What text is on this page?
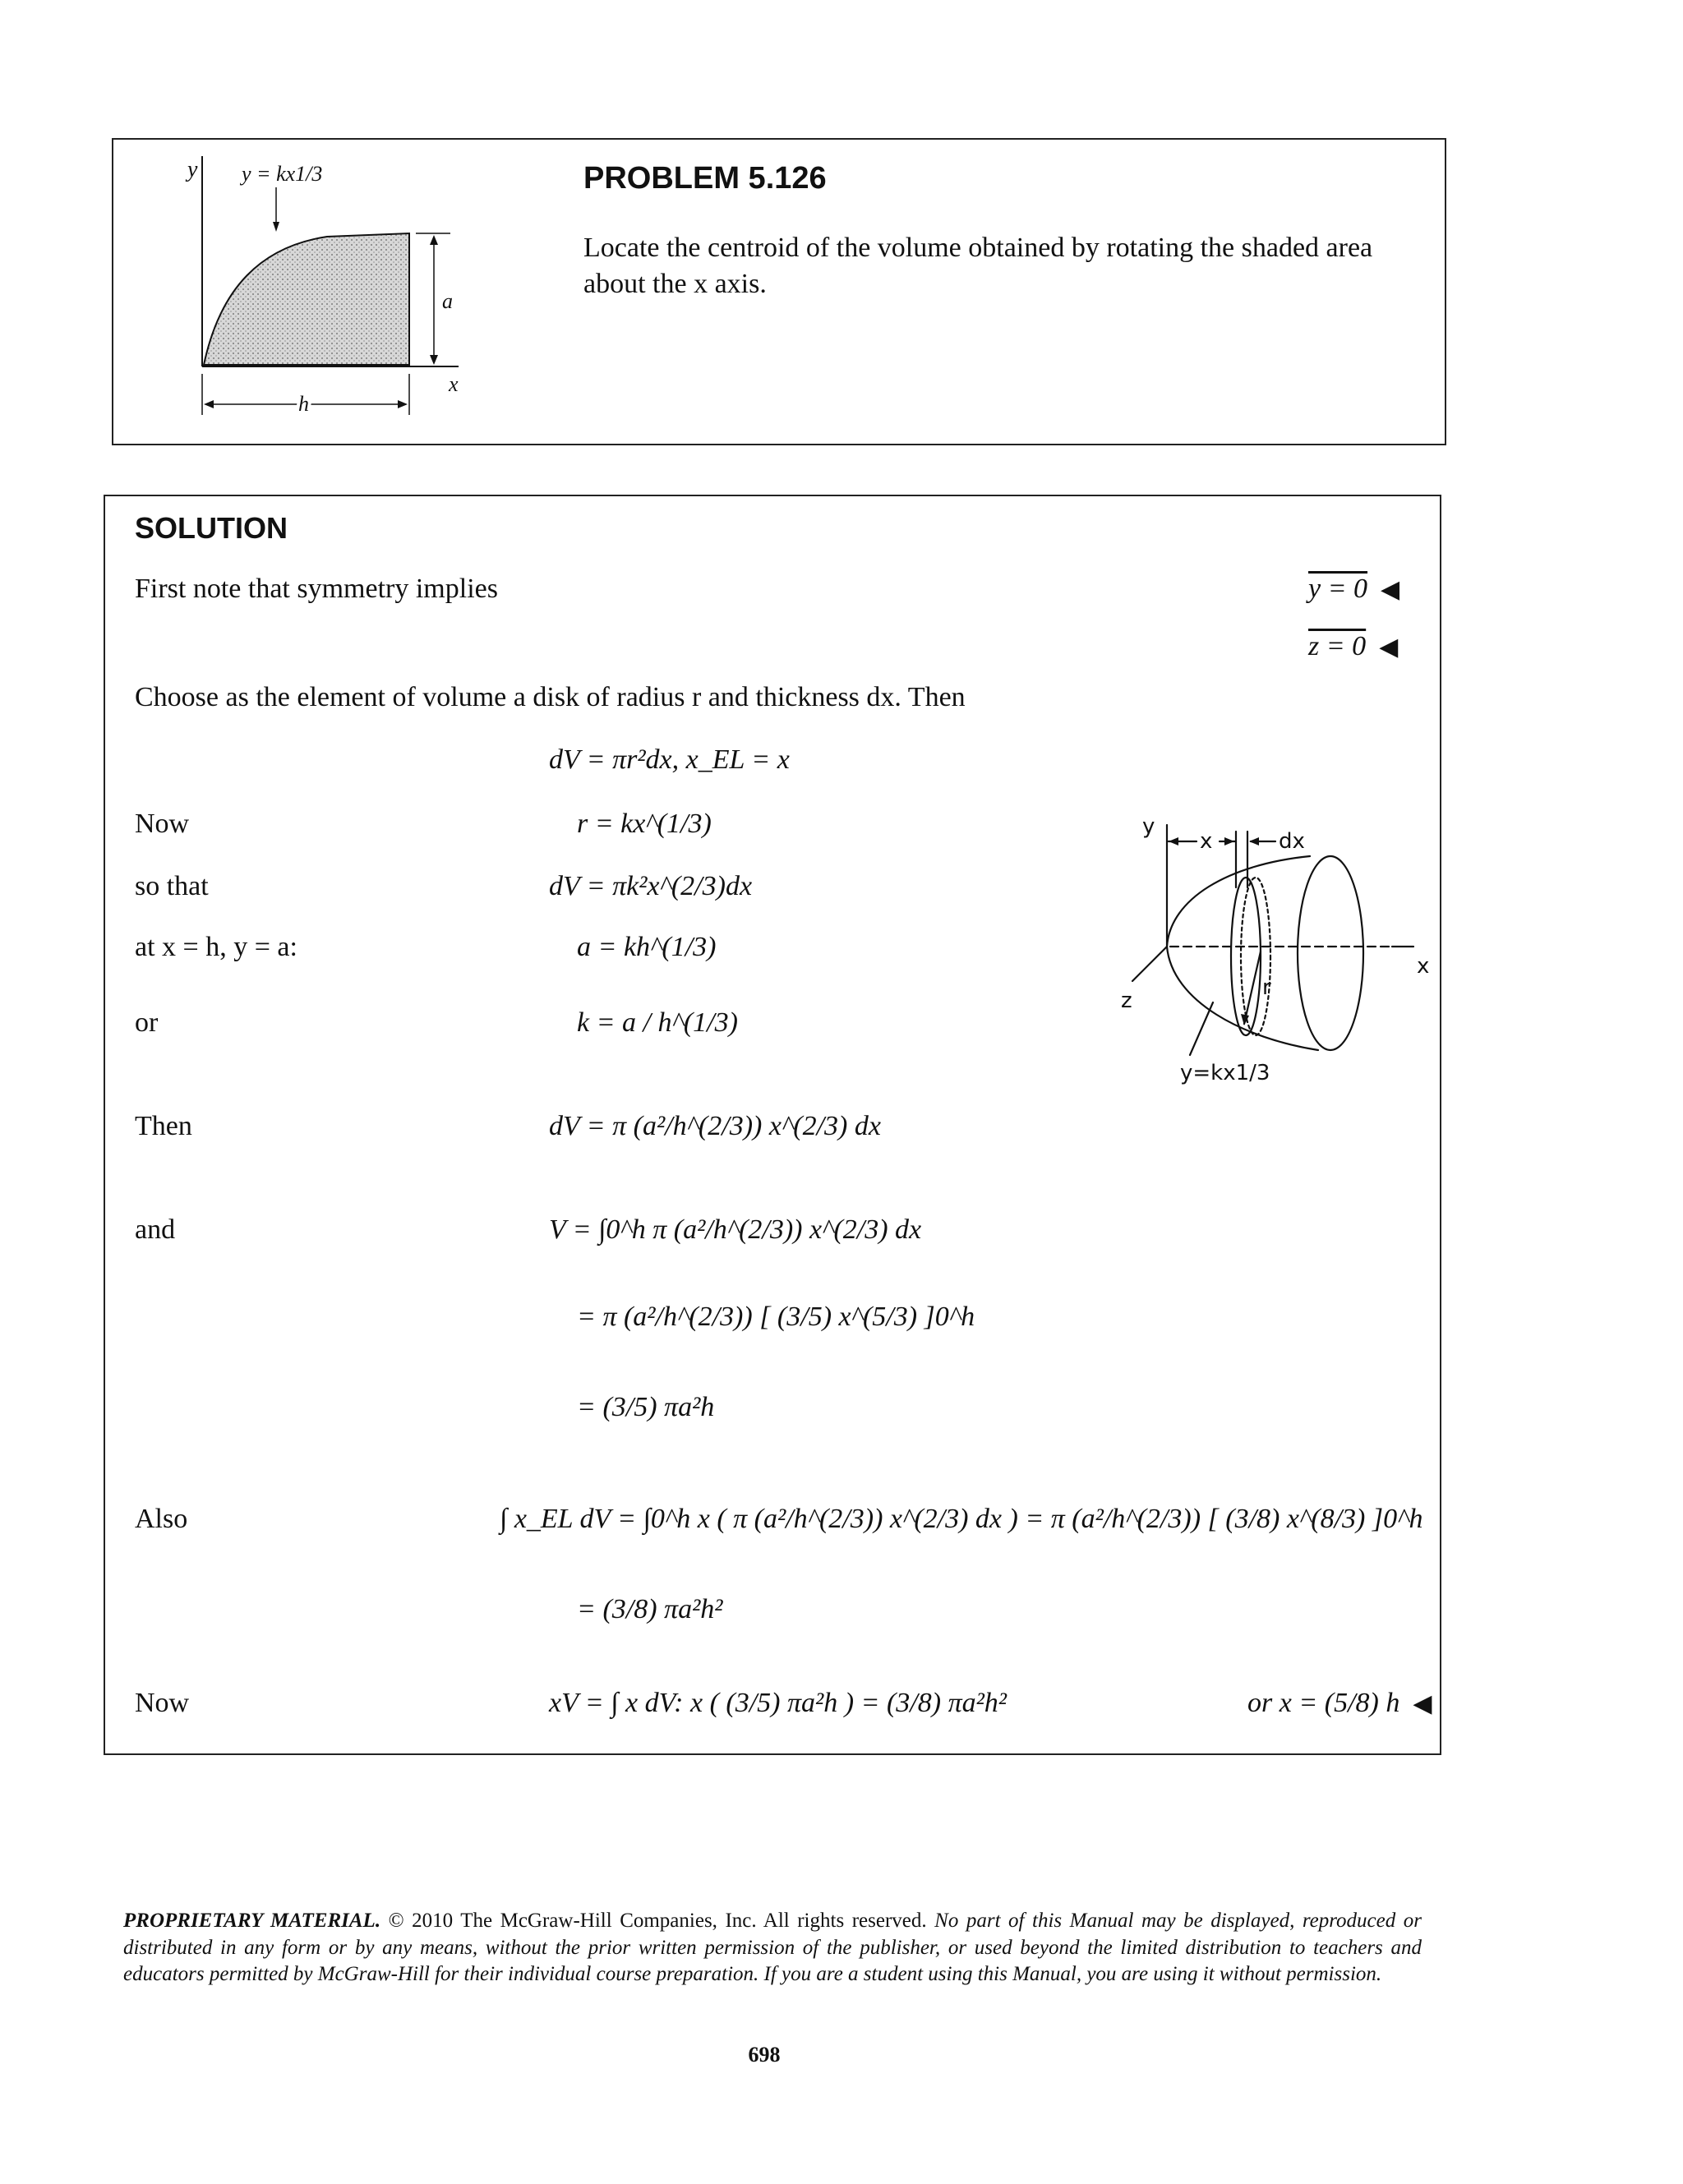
y
x
a
h
y = kx1/3	PROBLEM 5.126
Locate the centroid of the volume obtained by rotating the shaded area about the x axis.
SOLUTION
First note that symmetry implies	y = 0 ◀
z = 0 ◀
Choose as the element of volume a disk of radius r and thickness dx. Then
dV = πr²dx, x_EL = x
Now	r = kx^(1/3)
so that	dV = πk²x^(2/3)dx
at x = h, y = a:	a = kh^(1/3)
or	k = a / h^(1/3)
Then	dV = π (a²/h^(2/3)) x^(2/3) dx
and	V = ∫0^h π (a²/h^(2/3)) x^(2/3) dx
= π (a²/h^(2/3)) [ (3/5) x^(5/3) ]0^h
= (3/5) πa²h
Also	∫ x_EL dV = ∫0^h x ( π (a²/h^(2/3)) x^(2/3) dx ) = π (a²/h^(2/3)) [ (3/8) x^(8/3) ]0^h
= (3/8) πa²h²
Now	xV = ∫ x dV: x ( (3/5) πa²h ) = (3/8) πa²h²	or x = (5/8) h ◀
y
x	dx
x
z
r
y=kx1/3
PROPRIETARY MATERIAL. © 2010 The McGraw-Hill Companies, Inc. All rights reserved. No part of this Manual may be displayed, reproduced or distributed in any form or by any means, without the prior written permission of the publisher, or used beyond the limited distribution to teachers and educators permitted by McGraw-Hill for their individual course preparation. If you are a student using this Manual, you are using it without permission.
698
